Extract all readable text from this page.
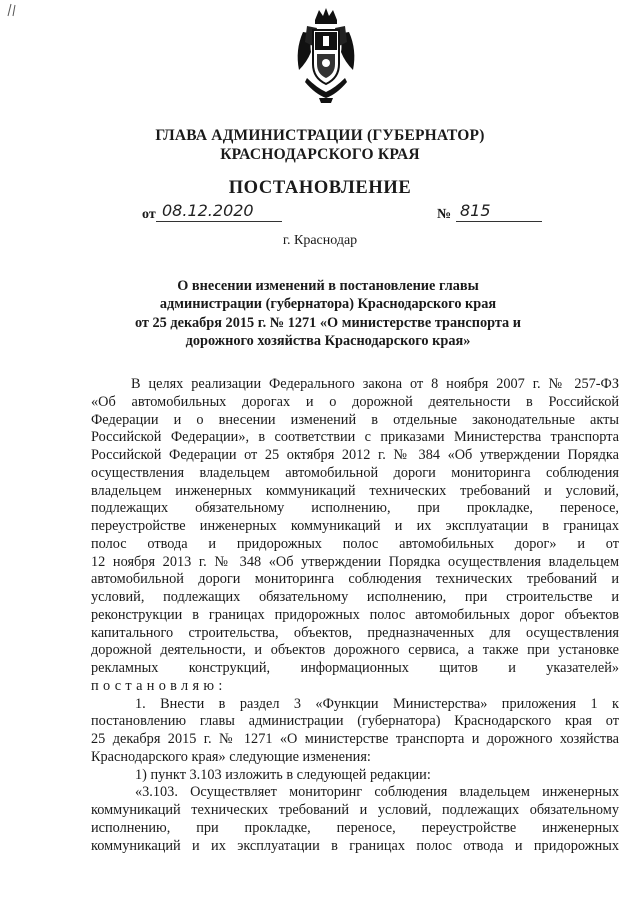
ГЛАВА АДМИНИСТРАЦИИ (ГУБЕРНАТОР)
КРАСНОДАРСКОГО КРАЯ
ПОСТАНОВЛЕНИЕ
от 08.12.2020	№ 815
г. Краснодар
О внесении изменений в постановление главы
администрации (губернатора) Краснодарского края
от 25 декабря 2015 г. № 1271 «О министерстве транспорта и
дорожного хозяйства Краснодарского края»
В целях реализации Федерального закона от 8 ноября 2007 г. № 257-ФЗ
«Об автомобильных дорогах и о дорожной деятельности в Российской
Федерации и о внесении изменений в отдельные законодательные акты
Российской Федерации», в соответствии с приказами Министерства транспорта
Российской Федерации от 25 октября 2012 г. № 384 «Об утверждении Порядка
осуществления владельцем автомобильной дороги мониторинга соблюдения
владельцем инженерных коммуникаций технических требований и условий,
подлежащих обязательному исполнению, при прокладке, переносе,
переустройстве инженерных коммуникаций и их эксплуатации в границах
полос отвода и придорожных полос автомобильных дорог» и от
12 ноября 2013 г. № 348 «Об утверждении Порядка осуществления владельцем
автомобильной дороги мониторинга соблюдения технических требований и
условий, подлежащих обязательному исполнению, при строительстве и
реконструкции в границах придорожных полос автомобильных дорог объектов
капитального строительства, объектов, предназначенных для осуществления
дорожной деятельности, и объектов дорожного сервиса, а также при установке
рекламных конструкций, информационных щитов и указателей»
постановляю:
1. Внести в раздел 3 «Функции Министерства» приложения 1 к
постановлению главы администрации (губернатора) Краснодарского края от
25 декабря 2015 г. № 1271 «О министерстве транспорта и дорожного хозяйства
Краснодарского края» следующие изменения:
1) пункт 3.103 изложить в следующей редакции:
«3.103. Осуществляет мониторинг соблюдения владельцем инженерных
коммуникаций технических требований и условий, подлежащих обязательному
исполнению, при прокладке, переносе, переустройстве инженерных
коммуникаций и их эксплуатации в границах полос отвода и придорожных
